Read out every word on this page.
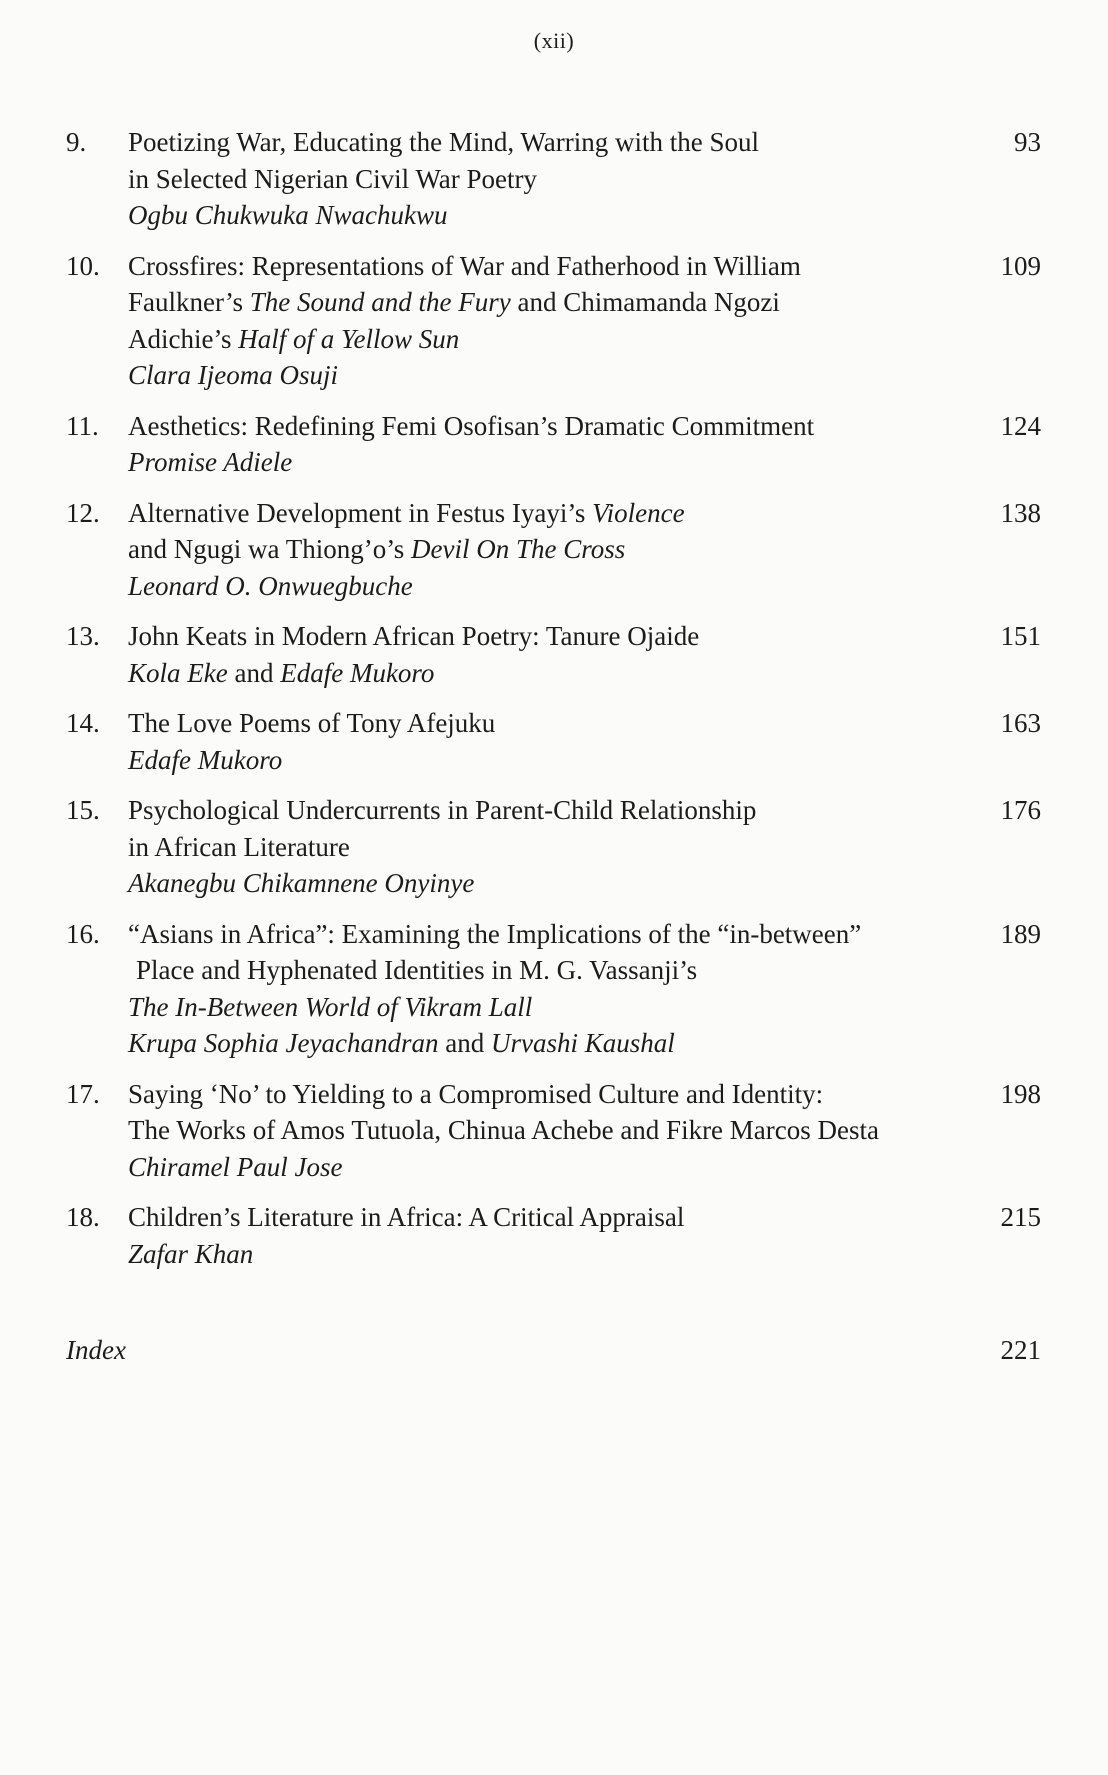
(xii)
9.	Poetizing War, Educating the Mind, Warring with the Soul
in Selected Nigerian Civil War Poetry
Ogbu Chukwuka Nwachukwu
93
10.	Crossfires: Representations of War and Fatherhood in William
Faulkner’s The Sound and the Fury and Chimamanda Ngozi
Adichie’s Half of a Yellow Sun
Clara Ijeoma Osuji
109
11.	Aesthetics: Redefining Femi Osofisan’s Dramatic Commitment
Promise Adiele
124
12.	Alternative Development in Festus Iyayi’s Violence
and Ngugi wa Thiong’o’s Devil On The Cross
Leonard O. Onwuegbuche
138
13.	John Keats in Modern African Poetry: Tanure Ojaide
Kola Eke and Edafe Mukoro
151
14.	The Love Poems of Tony Afejuku
Edafe Mukoro
163
15.	Psychological Undercurrents in Parent-Child Relationship
in African Literature
Akanegbu Chikamnene Onyinye
176
16.	“Asians in Africa”: Examining the Implications of the “in-between”
Place and Hyphenated Identities in M. G. Vassanji’s
The In-Between World of Vikram Lall
Krupa Sophia Jeyachandran and Urvashi Kaushal
189
17.	Saying ‘No’ to Yielding to a Compromised Culture and Identity:
The Works of Amos Tutuola, Chinua Achebe and Fikre Marcos Desta
Chiramel Paul Jose
198
18.	Children’s Literature in Africa: A Critical Appraisal
Zafar Khan
215
Index	221
